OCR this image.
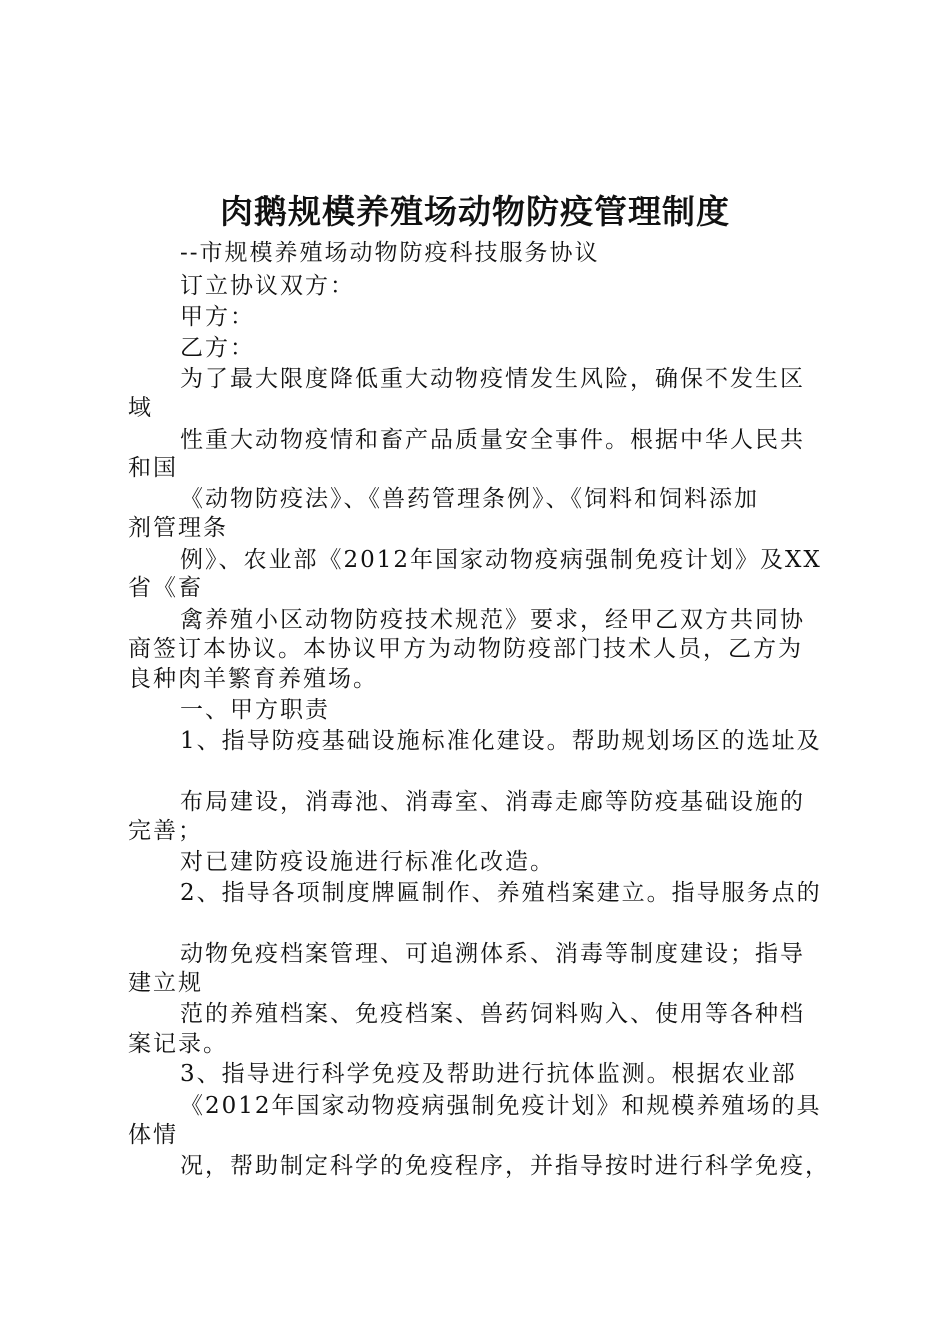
肉鹅规模养殖场动物防疫管理制度
--市规模养殖场动物防疫科技服务协议
订立协议双方：
甲方：
乙方：
为了最大限度降低重大动物疫情发生风险，确保不发生区
域
性重大动物疫情和畜产品质量安全事件。根据中华人民共
和国
《动物防疫法》、《兽药管理条例》、《饲料和饲料添加
剂管理条
例》、农业部《2012年国家动物疫病强制免疫计划》及XX
省《畜
禽养殖小区动物防疫技术规范》要求，经甲乙双方共同协
商签订本协议。本协议甲方为动物防疫部门技术人员，乙方为
良种肉羊繁育养殖场。
一、甲方职责
1、指导防疫基础设施标准化建设。帮助规划场区的选址及
布局建设，消毒池、消毒室、消毒走廊等防疫基础设施的
完善；
对已建防疫设施进行标准化改造。
2、指导各项制度牌匾制作、养殖档案建立。指导服务点的
动物免疫档案管理、可追溯体系、消毒等制度建设；指导
建立规
范的养殖档案、免疫档案、兽药饲料购入、使用等各种档
案记录。
3、指导进行科学免疫及帮助进行抗体监测。根据农业部
《2012年国家动物疫病强制免疫计划》和规模养殖场的具
体情
况，帮助制定科学的免疫程序，并指导按时进行科学免疫，
